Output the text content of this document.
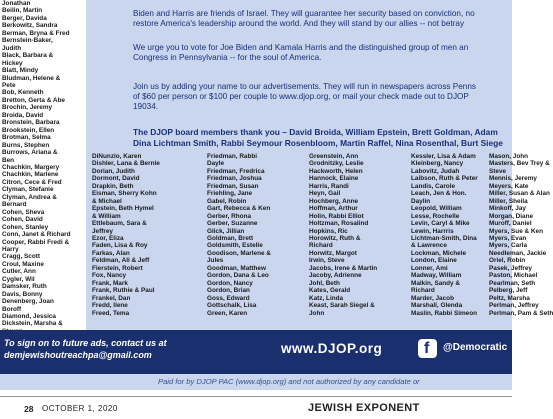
Jonathan
Beilin, Martin
Berger, Davida
Berkowitz, Sandra
Berman, Bryna & Fred
Bernstein-Baker,
Judith
Black, Barbara &
Hickey
Blatt, Mindy
Bludman, Helene &
Pete
Bob, Kenneth
Bretton, Gerta & Abe
Brochin, Jeremy
Broida, David
Bronstein, Barbara
Brookstein, Ellen
Brotman, Selma
Burns, Stephen
Burrows, Ariana &
Ben
Chachkin, Margery
Chachkin, Marlene
Citron, Cece & Fred
Clyman, Stefanie
Clyman, Andrea &
Bernard
Cohen, Sheva
Cohen, David
Cohen, Stanley
Conn, Janet & Richard
Cooper, Rabbi Fredi &
Harry
Cragg, Scott
Croul, Maxine
Cutler, Ann
Cygler, Wil
Damsker, Ruth
Davis, Bonny
Denenberg, Joan
Boroff
Diamond, Jessica
Dickstein, Marsha &
Biden and Harris are friends of Israel. They will guarantee her security based on conviction, no
restore America's leadership around the world. And they will stand by our allies -- not betray
We urge you to vote for Joe Biden and Kamala Harris and the distinguished group of men an
Congress in Pennsylvania -- for the soul of America.
Join us by adding your name to our advertisements. They will run in newspapers across Penns
of $60 per person or $100 per couple to www.djop.org, or mail your check made out to DJOP
19034.
The DJOP board members thank you – David Broida, William Epstein, Brett Goldman, Adam
Dina Lichtman Smith, Rabbi Seymour Rosenbloom, Martin Raffel, Nina Rosenthal, Burt Siege
DiNunzio, Karen
Dishler, Lana & Bernie
Dorian, Judith
Dormont, David
Drapkin, Beth
Eisman, Sherry Kohn
& Michael
Epstein, Beth Hymel
& William
Ettlebaum, Sara &
Jeffrey
Ezor, Eliza
Faden, Lisa & Roy
Farkas, Alan
Feldman, Ali & Jeff
Fierstein, Robert
Fox, Nancy
Frank, Mark
Frank, Ruthie & Paul
Frankel, Dan
Fredd, Ilene
Freed, Tema
Friedman, Rabbi
Dayle
Friedman, Fredrica
Friedman, Joshua
Friedman, Susan
Friehling, Jane
Gabel, Robin
Gart, Rebecca & Ken
Gerber, Rhona
Gerber, Suzanne
Glick, Jillian
Goldman, Brett
Goldsmith, Estelle
Goodison, Marlene &
Jules
Goodman, Matthew
Gordon, Dana & Leo
Gordon, Nancy
Gordon, Brian
Goss, Edward
Gottschalk, Lisa
Green, Karen
Greenstein, Ann
Grodnitzky, Leslie
Hackworth, Helen
Hannock, Elaine
Harris, Randi
Heyn, Gail
Hochberg, Anne
Hoffman, Arthur
Holin, Rabbi Elliot
Holtzman, Rosalind
Hopkins, Ric
Horowitz, Ruth &
Richard
Horwitz, Margot
Irwin, Steve
Jacobs, Irene & Martin
Jacoby, Adrienne
Johl, Beth
Kates, Gerald
Katz, Linda
Keast, Sarah Siegel &
John
Kessler, Lisa & Adam
Kleinberg, Nancy
Labovitz, Judah
Laibson, Ruth & Peter
Landis, Carole
Leach, Jen & Hon.
Daylin
Leopold, William
Lesse, Rochelle
Levin, Caryl & Mike
Lewin, Harrris
Lichtman-Smith, Dina
& Lawrence
Lockman, Michele
London, Elaine
Lonner, Ami
Madway, William
Malkin, Sandy &
Richard
Marder, Jacob
Marshall, Glenda
Maslin, Rabbi Simeon
Mason, John
Masters, Bev Trey &
Steve
Mennis, Jeremy
Meyers, Kate
Miller, Susan & Alan
Miller, Sheila
Minkoff, Jay
Morgan, Diane
Muroff, Daniel
Myers, Sue & Ken
Myers, Evan
Myers, Carla
Needleman, Jackie
Oriel, Robin
Pasek, Jeffrey
Paston, Michael
Pearlman, Seth
Pelberg, Jeff
Peltz, Marsha
Perlman, Jeffrey
Perlman, Pam & Seth
To sign on to future ads, contact us at
demjewishoutreachpa@gmail.com	www.DJOP.org	f @Democratic
Paid for by DJOP PAC (www.djop.org) and not authorized by any candidate or
28 OCTOBER 1, 2020	JEWISH EXPONENT
